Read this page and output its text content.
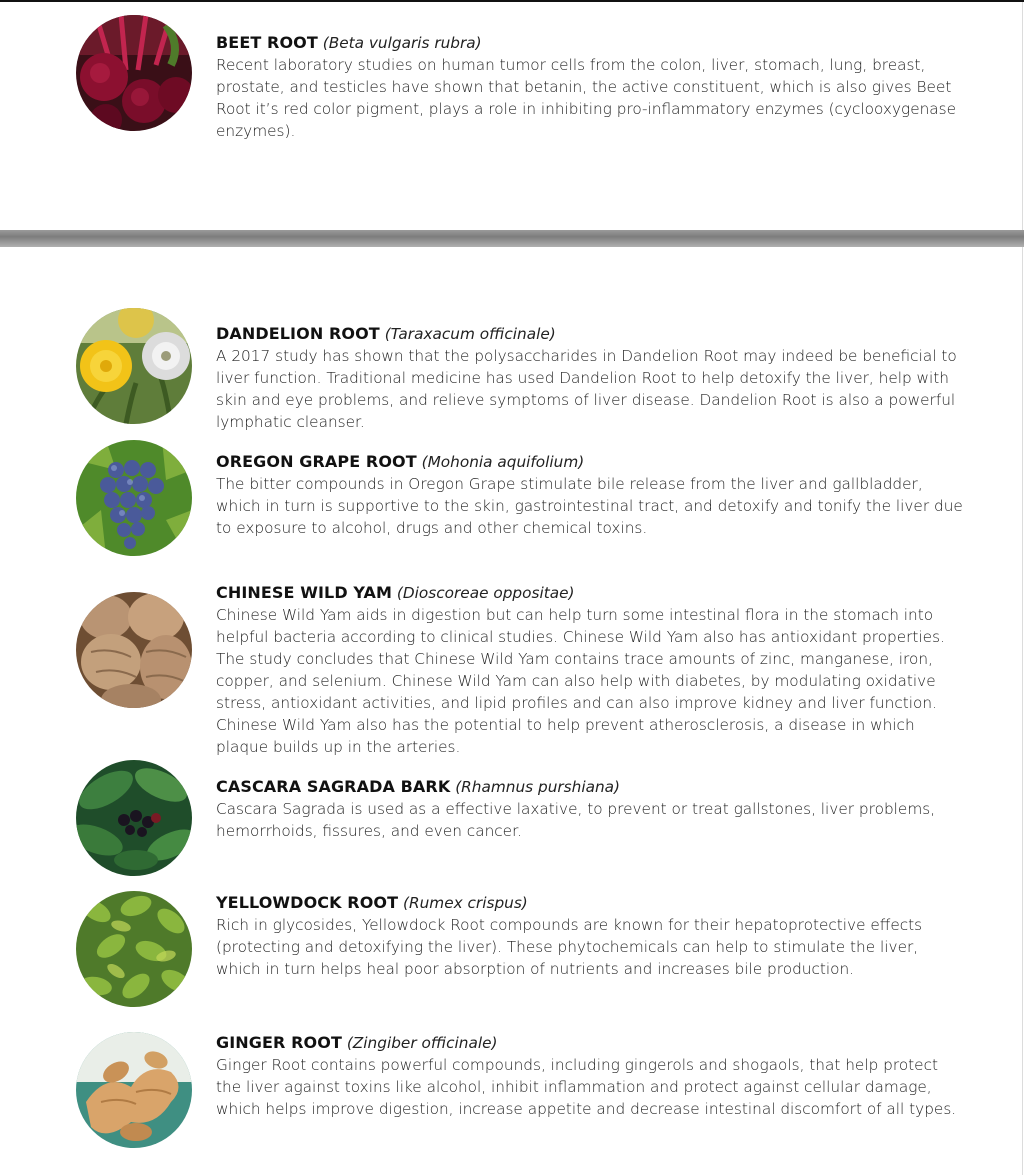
BEET ROOT (Beta vulgaris rubra)
Recent laboratory studies on human tumor cells from the colon, liver, stomach, lung, breast, prostate, and testicles have shown that betanin, the active constituent, which is also gives Beet Root it’s red color pigment, plays a role in inhibiting pro-inflammatory enzymes (cyclooxygenase enzymes).
DANDELION ROOT (Taraxacum officinale)
A 2017 study has shown that the polysaccharides in Dandelion Root may indeed be beneficial to liver function. Traditional medicine has used Dandelion Root to help detoxify the liver, help with skin and eye problems, and relieve symptoms of liver disease. Dandelion Root is also a powerful lymphatic cleanser.
OREGON GRAPE ROOT (Mohonia aquifolium)
The bitter compounds in Oregon Grape stimulate bile release from the liver and gallbladder, which in turn is supportive to the skin, gastrointestinal tract, and detoxify and tonify the liver due to exposure to alcohol, drugs and other chemical toxins.
CHINESE WILD YAM (Dioscoreae oppositae)
Chinese Wild Yam aids in digestion but can help turn some intestinal flora in the stomach into helpful bacteria according to clinical studies. Chinese Wild Yam also has antioxidant properties. The study concludes that Chinese Wild Yam contains trace amounts of zinc, manganese, iron, copper, and selenium. Chinese Wild Yam can also help with diabetes, by modulating oxidative stress, antioxidant activities, and lipid profiles and can also improve kidney and liver function. Chinese Wild Yam also has the potential to help prevent atherosclerosis, a disease in which plaque builds up in the arteries.
CASCARA SAGRADA BARK (Rhamnus purshiana)
Cascara Sagrada is used as a effective laxative, to prevent or treat gallstones, liver problems, hemorrhoids, fissures, and even cancer.
YELLOWDOCK ROOT (Rumex crispus)
Rich in glycosides, Yellowdock Root compounds are known for their hepatoprotective effects (protecting and detoxifying the liver). These phytochemicals can help to stimulate the liver, which in turn helps heal poor absorption of nutrients and increases bile production.
GINGER ROOT (Zingiber officinale)
Ginger Root contains powerful compounds, including gingerols and shogaols, that help protect the liver against toxins like alcohol, inhibit inflammation and protect against cellular damage, which helps improve digestion, increase appetite and decrease intestinal discomfort of all types.
